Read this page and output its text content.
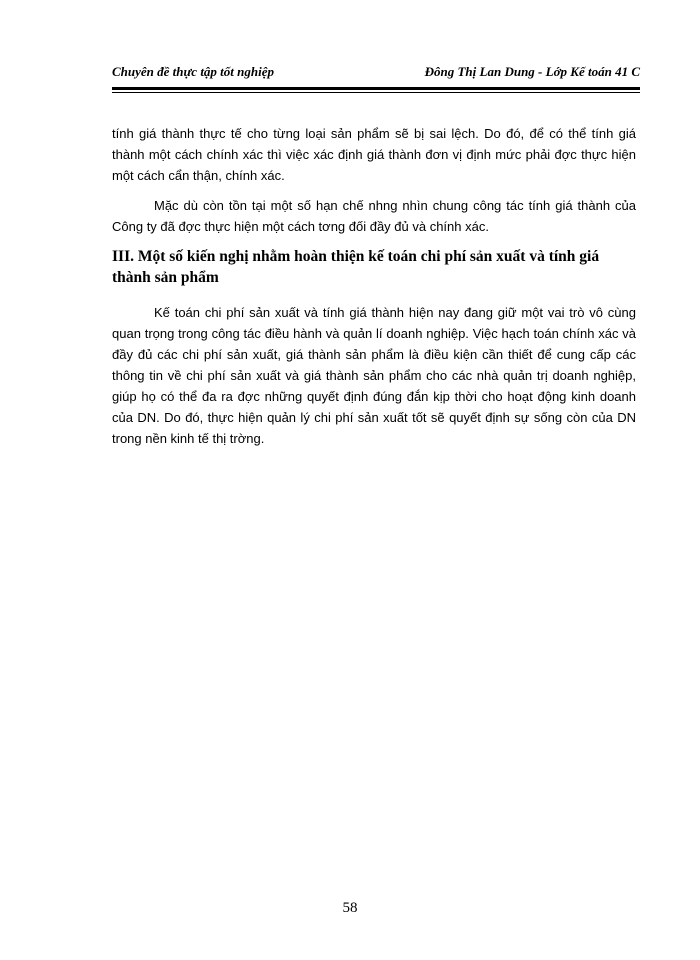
Chuyên đề thực tập tốt nghiệp	Đông Thị Lan Dung - Lớp Kế toán 41 C

tính giá thành thực tế cho từng loại sản phẩm sẽ bị sai lệch. Do đó, để có thể tính giá thành một cách chính xác thì việc xác định giá thành đơn vị định mức phải đợc thực hiện một cách cẩn thận, chính xác.

Mặc dù còn tồn tại một số hạn chế nhng nhìn chung công tác tính giá thành của Công ty đã đợc thực hiện một cách tơng đối đầy đủ và chính xác.

III. Một số kiến nghị nhằm hoàn thiện kế toán chi phí sản xuất và tính giá thành sản phẩm

Kế toán chi phí sản xuất và tính giá thành hiện nay đang giữ một vai trò vô cùng quan trọng trong công tác điều hành và quản lí doanh nghiệp. Việc hạch toán chính xác và đầy đủ các chi phí sản xuất, giá thành sản phẩm là điều kiện cần thiết để cung cấp các thông tin về chi phí sản xuất và giá thành sản phẩm cho các nhà quản trị doanh nghiệp, giúp họ có thể đa ra đợc những quyết định đúng đắn kịp thời cho hoạt động kinh doanh của DN. Do đó, thực hiện quản lý chi phí sản xuất tốt sẽ quyết định sự sống còn của DN trong nền kinh tế thị trờng.

58
